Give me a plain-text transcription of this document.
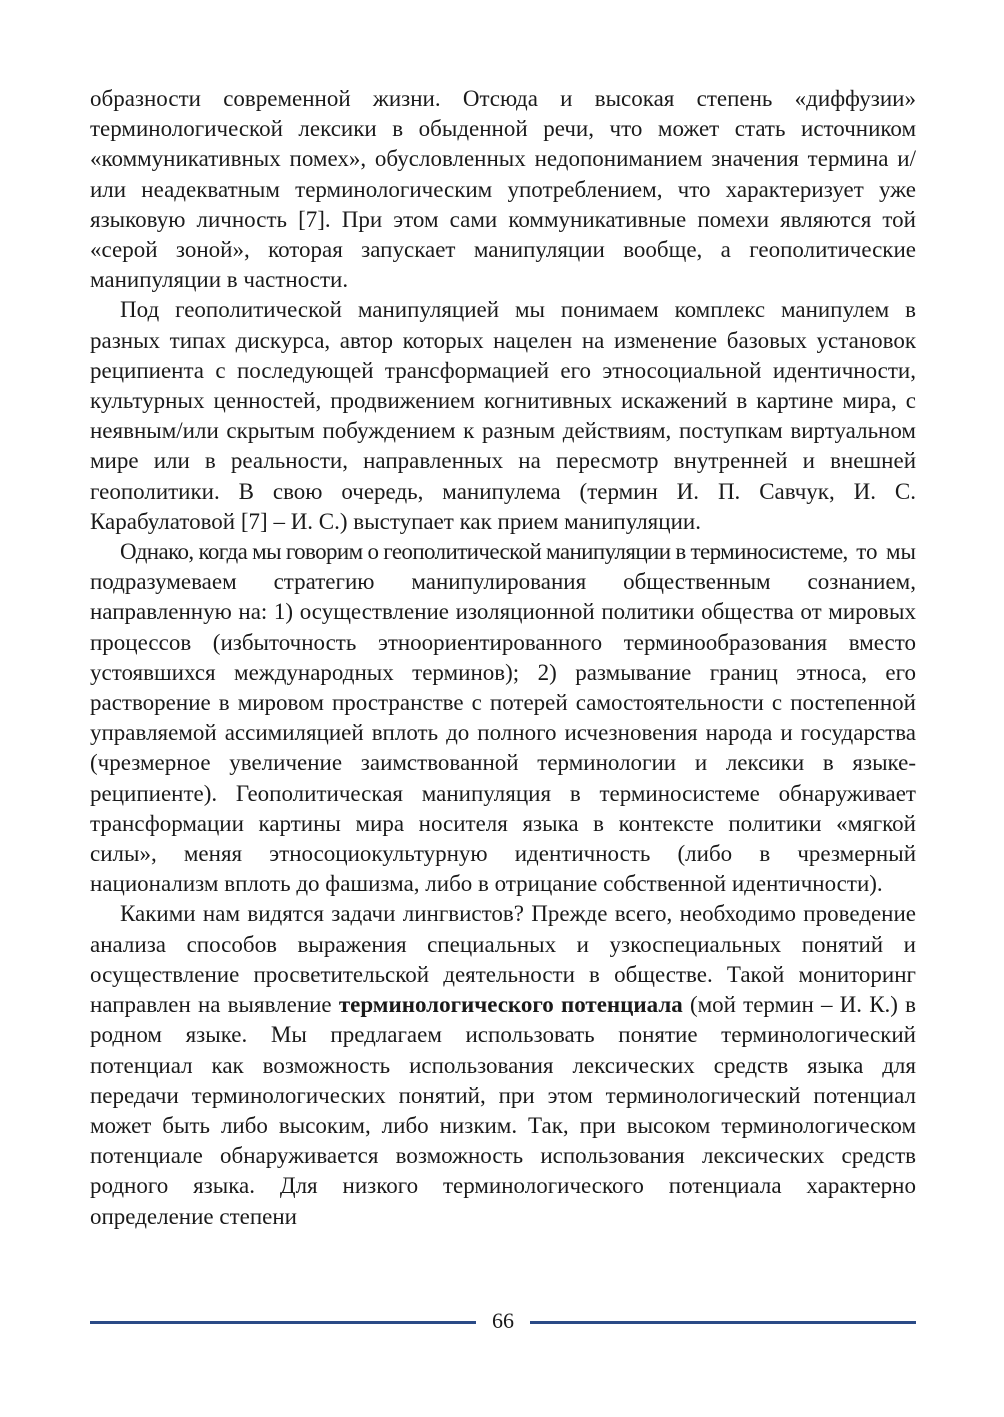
образности современной жизни. Отсюда и высокая степень «диффузии» терминологической лексики в обыденной речи, что может стать источником «коммуникативных помех», обусловленных недопониманием значения термина и/или неадекватным терминологическим употреблением, что характеризует уже языковую личность [7]. При этом сами коммуникативные помехи являются той «серой зоной», которая запускает манипуляции вообще, а геополитические манипуляции в частности.

Под геополитической манипуляцией мы понимаем комплекс манипулем в разных типах дискурса, автор которых нацелен на изменение базовых установок реципиента с последующей трансформацией его этносоциальной идентичности, культурных ценностей, продвижением когнитивных искажений в картине мира, с неявным/или скрытым побуждением к разным действиям, поступкам виртуальном мире или в реальности, направленных на пересмотр внутренней и внешней геополитики. В свою очередь, манипулема (термин И. П. Савчук, И. С. Карабулатовой [7] – И. С.) выступает как прием манипуляции.

Однако, когда мы говорим о геополитической манипуляции в терминосистеме, то мы подразумеваем стратегию манипулирования общественным сознанием, направленную на: 1) осуществление изоляционной политики общества от мировых процессов (избыточность этноориентированного терминообразования вместо устоявшихся международных терминов); 2) размывание границ этноса, его растворение в мировом пространстве с потерей самостоятельности с постепенной управляемой ассимиляцией вплоть до полного исчезновения народа и государства (чрезмерное увеличение заимствованной терминологии и лексики в языке-реципиенте). Геополитическая манипуляция в терминосистеме обнаруживает трансформации картины мира носителя языка в контексте политики «мягкой силы», меняя этносоциокультурную идентичность (либо в чрезмерный национализм вплоть до фашизма, либо в отрицание собственной идентичности).

Какими нам видятся задачи лингвистов? Прежде всего, необходимо проведение анализа способов выражения специальных и узкоспециальных понятий и осуществление просветительской деятельности в обществе. Такой мониторинг направлен на выявление терминологического потенциала (мой термин – И. К.) в родном языке. Мы предлагаем использовать понятие терминологический потенциал как возможность использования лексических средств языка для передачи терминологических понятий, при этом терминологический потенциал может быть либо высоким, либо низким. Так, при высоком терминологическом потенциале обнаруживается возможность использования лексических средств родного языка. Для низкого терминологического потенциала характерно определение степени

66
